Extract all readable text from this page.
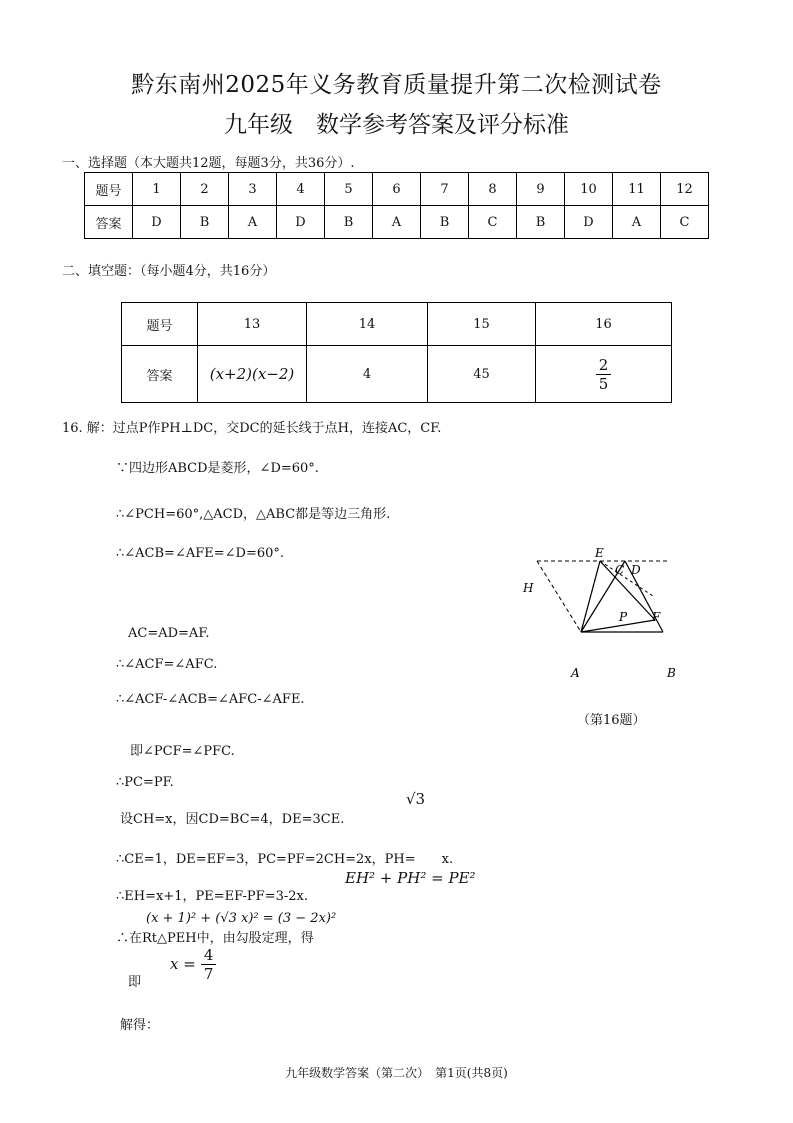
黔东南州2025年义务教育质量提升第二次检测试卷
九年级　数学参考答案及评分标准
一、选择题（本大题共12题，每题3分，共36分）.
题号	1	2	3	4	5	6	7	8	9	10	11	12
答案	D	B	A	D	B	A	B	C	B	D	A	C
二、填空题：（每小题4分，共16分）
题号	13	14	15	16
答案	(x+2)(x−2)	4	45	$\frac{2}{5}$
16. 解：过点P作PH⊥DC，交DC的延长线于点H，连接AC，CF.
∵四边形ABCD是菱形，∠D=60°.
∴∠PCH=60°,△ACD，△ABC都是等边三角形.
∴∠ACB=∠AFE=∠D=60°.
AC=AD=AF.
∴∠ACF=∠AFC.
∴∠ACF-∠ACB=∠AFC-∠AFE.
即∠PCF=∠PFC.
∴PC=PF.
√3
设CH=x，因CD=BC=4，DE=3CE.
∴CE=1，DE=EF=3，PC=PF=2CH=2x，PH=　　x.
EH² + PH² = PE²
∴EH=x+1，PE=EF-PF=3-2x.
(x + 1)² + (√3 x)² = (3 − 2x)²
∴在Rt△PEH中，由勾股定理，得
即
$x = \frac{4}{7}$
解得：
E
C D
H
P F
A	B
（第16题）
九年级数学答案（第二次）　第1页(共8页)
